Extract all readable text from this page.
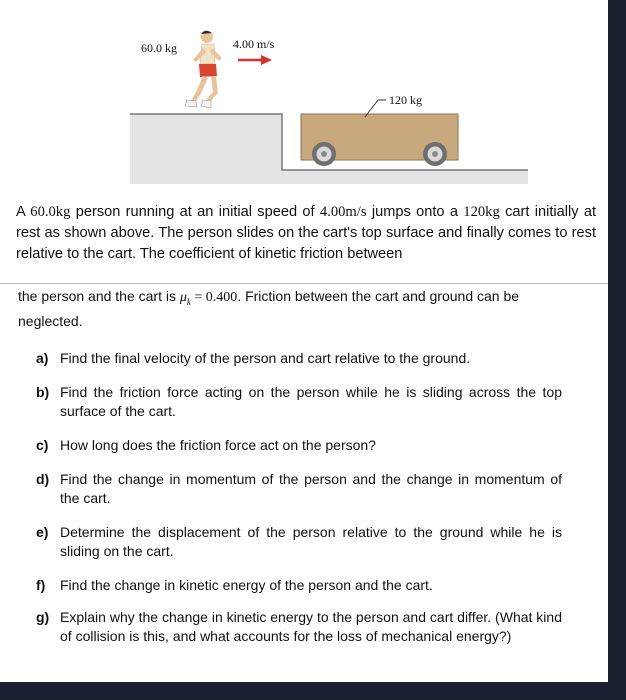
120 kg
60.0 kg	4.00 m/s
A 60.0kg person running at an initial speed of 4.00m/s jumps onto a 120kg cart initially at rest as shown above. The person slides on the cart's top surface and finally comes to rest relative to the cart. The coefficient of kinetic friction between
the person and the cart is $\mu_k = 0.400$. Friction between the cart and ground can be neglected.
a) Find the final velocity of the person and cart relative to the ground.
b) Find the friction force acting on the person while he is sliding across the top surface of the cart.
c) How long does the friction force act on the person?
d) Find the change in momentum of the person and the change in momentum of the cart.
e) Determine the displacement of the person relative to the ground while he is sliding on the cart.
f)	Find the change in kinetic energy of the person and the cart.
g) Explain why the change in kinetic energy to the person and cart differ. (What kind of collision is this, and what accounts for the loss of mechanical energy?)
